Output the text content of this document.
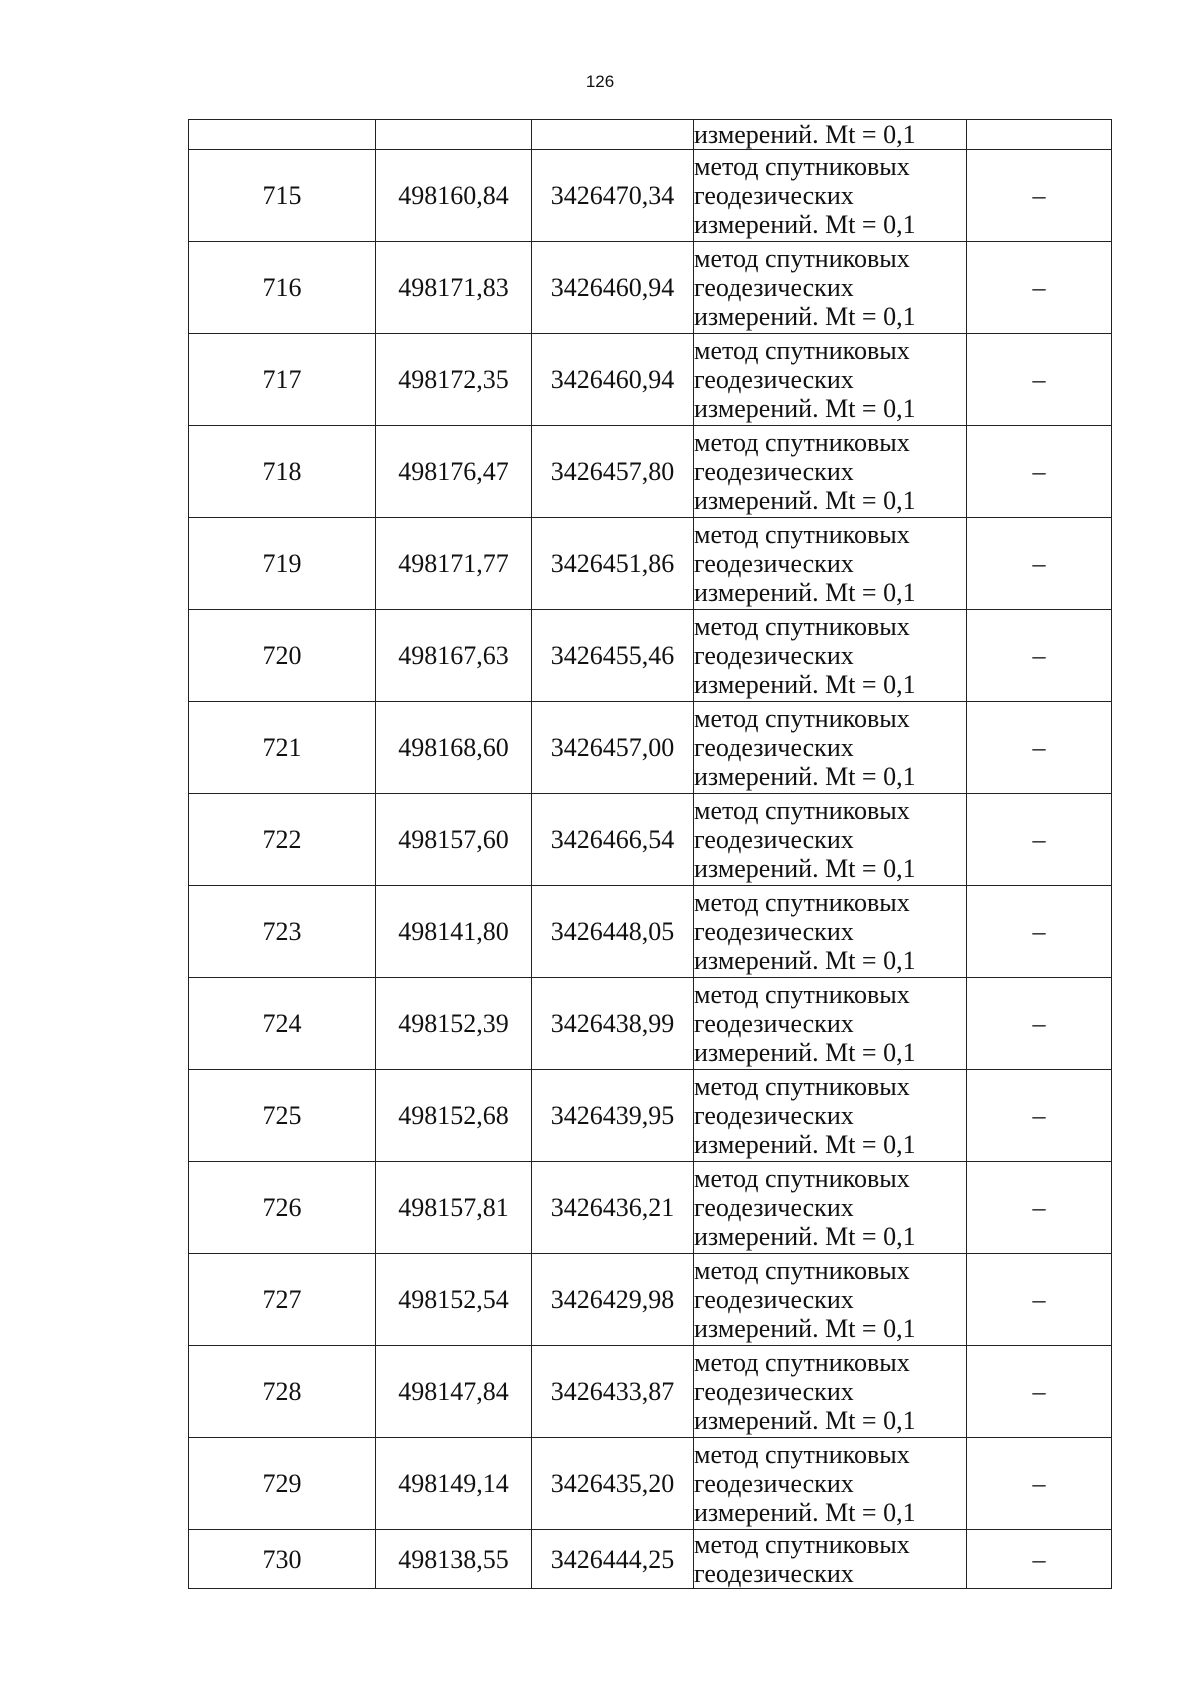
126

			измерений. Mt = 0,1	

715	498160,84	3426470,34	метод спутниковых
геодезических
измерений. Mt = 0,1	–
716	498171,83	3426460,94	метод спутниковых
геодезических
измерений. Mt = 0,1	–
717	498172,35	3426460,94	метод спутниковых
геодезических
измерений. Mt = 0,1	–
718	498176,47	3426457,80	метод спутниковых
геодезических
измерений. Mt = 0,1	–
719	498171,77	3426451,86	метод спутниковых
геодезических
измерений. Mt = 0,1	–
720	498167,63	3426455,46	метод спутниковых
геодезических
измерений. Mt = 0,1	–
721	498168,60	3426457,00	метод спутниковых
геодезических
измерений. Mt = 0,1	–
722	498157,60	3426466,54	метод спутниковых
геодезических
измерений. Mt = 0,1	–
723	498141,80	3426448,05	метод спутниковых
геодезических
измерений. Mt = 0,1	–
724	498152,39	3426438,99	метод спутниковых
геодезических
измерений. Mt = 0,1	–
725	498152,68	3426439,95	метод спутниковых
геодезических
измерений. Mt = 0,1	–
726	498157,81	3426436,21	метод спутниковых
геодезических
измерений. Mt = 0,1	–
727	498152,54	3426429,98	метод спутниковых
геодезических
измерений. Mt = 0,1	–
728	498147,84	3426433,87	метод спутниковых
геодезических
измерений. Mt = 0,1	–
729	498149,14	3426435,20	метод спутниковых
геодезических
измерений. Mt = 0,1	–
730	498138,55	3426444,25	метод спутниковых
геодезических	–
